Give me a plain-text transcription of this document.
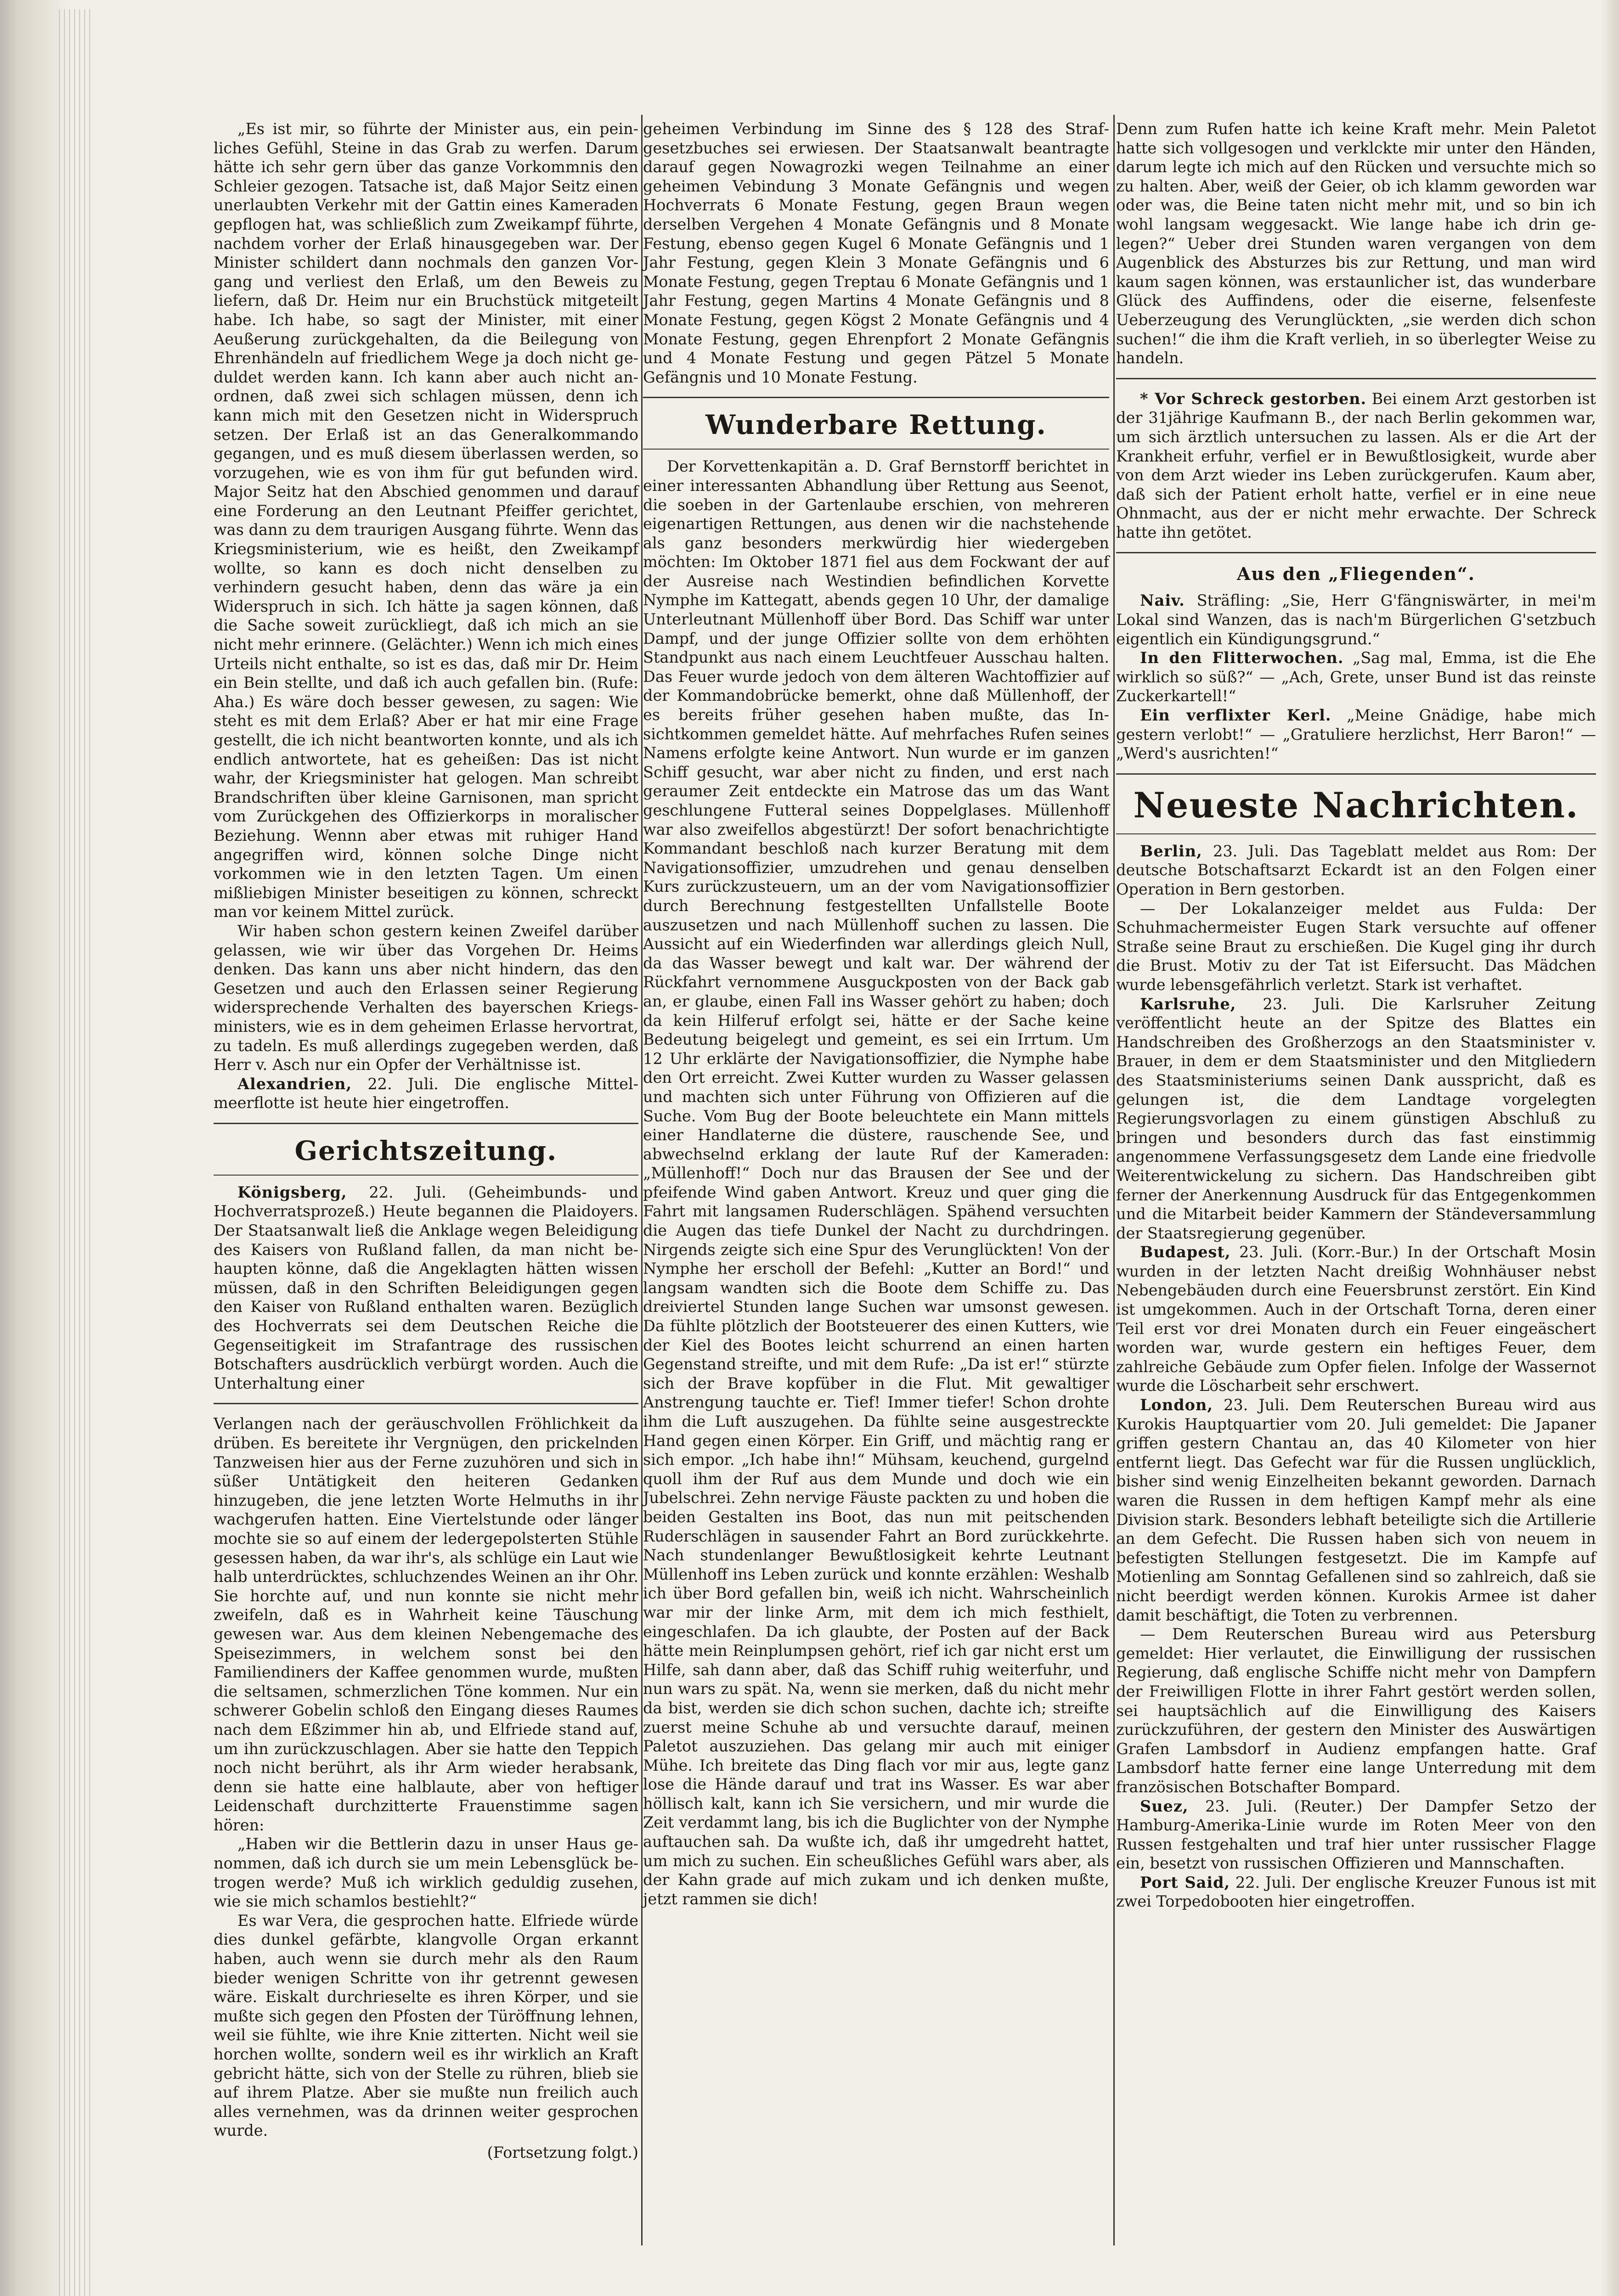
„Es ist mir, so führte der Minister aus, ein peinliches Gefühl, Steine in das Grab zu werfen. Darum hätte ich sehr gern über das ganze Vorkommnis den Schleier gezogen. Tatsache ist, daß Major Seitz einen unerlaubten Verkehr mit der Gattin eines Kameraden gepflogen hat, was schließlich zum Zweikampf führte, nachdem vorher der Erlaß hinausgegeben war. Der Minister schildert dann nochmals den ganzen Vorgang und verliest den Erlaß, um den Beweis zu liefern, daß Dr. Heim nur ein Bruchstück mitgeteilt habe. Ich habe, so sagt der Minister, mit einer Aeußerung zurückgehalten, da die Beilegung von Ehrenhändeln auf friedlichem Wege ja doch nicht geduldet werden kann. Ich kann aber auch nicht anordnen, daß zwei sich schlagen müssen, denn ich kann mich mit den Gesetzen nicht in Widerspruch setzen. Der Erlaß ist an das Generalkommando gegangen, und es muß diesem überlassen werden, so vorzugehen, wie es von ihm für gut befunden wird. Major Seitz hat den Abschied genommen und darauf eine Forderung an den Leutnant Pfeiffer gerichtet, was dann zu dem traurigen Ausgang führte. Wenn das Kriegsministerium, wie es heißt, den Zweikampf wollte, so kann es doch nicht denselben zu verhindern gesucht haben, denn das wäre ja ein Widerspruch in sich. Ich hätte ja sagen können, daß die Sache soweit zurückliegt, daß ich mich an sie nicht mehr erinnere. (Gelächter.) Wenn ich mich eines Urteils nicht enthalte, so ist es das, daß mir Dr. Heim ein Bein stellte, und daß ich auch gefallen bin. (Rufe: Aha.) Es wäre doch besser gewesen, zu sagen: Wie steht es mit dem Erlaß? Aber er hat mir eine Frage gestellt, die ich nicht beantworten konnte, und als ich endlich antwortete, hat es geheißen: Das ist nicht wahr, der Kriegsminister hat gelogen. Man schreibt Brandschriften über kleine Garnisonen, man spricht vom Zurückgehen des Offizierkorps in moralischer Beziehung. Wennn aber etwas mit ruhiger Hand angegriffen wird, können solche Dinge nicht vorkommen wie in den letzten Tagen. Um einen mißliebigen Minister beseitigen zu können, schreckt man vor keinem Mittel zurück.

Wir haben schon gestern keinen Zweifel darüber gelassen, wie wir über das Vorgehen Dr. Heims denken. Das kann uns aber nicht hindern, das den Gesetzen und auch den Erlassen seiner Regierung widersprechende Verhalten des bayerschen Kriegsministers, wie es in dem geheimen Erlasse hervortrat, zu tadeln. Es muß allerdings zugegeben werden, daß Herr v. Asch nur ein Opfer der Verhältnisse ist.

Alexandrien, 22. Juli. Die englische Mittelmeerflotte ist heute hier eingetroffen.

Gerichtszeitung.

Königsberg, 22. Juli. (Geheimbunds- und Hochverratsprozeß.) Heute begannen die Plaidoyers. Der Staatsanwalt ließ die Anklage wegen Beleidigung des Kaisers von Rußland fallen, da man nicht behaupten könne, daß die Angeklagten hätten wissen müssen, daß in den Schriften Beleidigungen gegen den Kaiser von Rußland enthalten waren. Bezüglich des Hochverrats sei dem Deutschen Reiche die Gegenseitigkeit im Strafantrage des russischen Botschafters ausdrücklich verbürgt worden. Auch die Unterhaltung einer

Verlangen nach der geräuschvollen Fröhlichkeit da drüben. Es bereitete ihr Vergnügen, den prickelnden Tanzweisen hier aus der Ferne zuzuhören und sich in süßer Untätigkeit den heiteren Gedanken hinzugeben, die jene letzten Worte Helmuths in ihr wachgerufen hatten. Eine Viertelstunde oder länger mochte sie so auf einem der ledergepolsterten Stühle gesessen haben, da war ihr's, als schlüge ein Laut wie halb unterdrücktes, schluchzendes Weinen an ihr Ohr. Sie horchte auf, und nun konnte sie nicht mehr zweifeln, daß es in Wahrheit keine Täuschung gewesen war. Aus dem kleinen Nebengemache des Speisezimmers, in welchem sonst bei den Familiendiners der Kaffee genommen wurde, mußten die seltsamen, schmerzlichen Töne kommen. Nur ein schwerer Gobelin schloß den Eingang dieses Raumes nach dem Eßzimmer hin ab, und Elfriede stand auf, um ihn zurückzuschlagen. Aber sie hatte den Teppich noch nicht berührt, als ihr Arm wieder herabsank, denn sie hatte eine halblaute, aber von heftiger Leidenschaft durchzitterte Frauenstimme sagen hören:

„Haben wir die Bettlerin dazu in unser Haus genommen, daß ich durch sie um mein Lebensglück betrogen werde? Muß ich wirklich geduldig zusehen, wie sie mich schamlos bestiehlt?“

Es war Vera, die gesprochen hatte. Elfriede würde dies dunkel gefärbte, klangvolle Organ erkannt haben, auch wenn sie durch mehr als den Raum bieder wenigen Schritte von ihr getrennt gewesen wäre. Eiskalt durchrieselte es ihren Körper, und sie mußte sich gegen den Pfosten der Türöffnung lehnen, weil sie fühlte, wie ihre Knie zitterten. Nicht weil sie horchen wollte, sondern weil es ihr wirklich an Kraft gebricht hätte, sich von der Stelle zu rühren, blieb sie auf ihrem Platze. Aber sie mußte nun freilich auch alles vernehmen, was da drinnen weiter gesprochen wurde.

(Fortsetzung folgt.)

geheimen Verbindung im Sinne des § 128 des Strafgesetzbuches sei erwiesen. Der Staatsanwalt beantragte darauf gegen Nowagrozki wegen Teilnahme an einer geheimen Vebindung 3 Monate Gefängnis und wegen Hochverrats 6 Monate Festung, gegen Braun wegen derselben Vergehen 4 Monate Gefängnis und 8 Monate Festung, ebenso gegen Kugel 6 Monate Gefängnis und 1 Jahr Festung, gegen Klein 3 Monate Gefängnis und 6 Monate Festung, gegen Treptau 6 Monate Gefängnis und 1 Jahr Festung, gegen Martins 4 Monate Gefängnis und 8 Monate Festung, gegen Kögst 2 Monate Gefängnis und 4 Monate Festung, gegen Ehrenpfort 2 Monate Gefängnis und 4 Monate Festung und gegen Pätzel 5 Monate Gefängnis und 10 Monate Festung.

Wunderbare Rettung.

Der Korvettenkapitän a. D. Graf Bernstorff berichtet in einer interessanten Abhandlung über Rettung aus Seenot, die soeben in der Gartenlaube erschien, von mehreren eigenartigen Rettungen, aus denen wir die nachstehende als ganz besonders merkwürdig hier wiedergeben möchten: Im Oktober 1871 fiel aus dem Fockwant der auf der Ausreise nach Westindien befindlichen Korvette Nymphe im Kattegatt, abends gegen 10 Uhr, der damalige Unterleutnant Müllenhoff über Bord. Das Schiff war unter Dampf, und der junge Offizier sollte von dem erhöhten Standpunkt aus nach einem Leuchtfeuer Ausschau halten. Das Feuer wurde jedoch von dem älteren Wachtoffizier auf der Kommandobrücke bemerkt, ohne daß Müllenhoff, der es bereits früher gesehen haben mußte, das Insichtkommen gemeldet hätte. Auf mehrfaches Rufen seines Namens erfolgte keine Antwort. Nun wurde er im ganzen Schiff gesucht, war aber nicht zu finden, und erst nach geraumer Zeit entdeckte ein Matrose das um das Want geschlungene Futteral seines Doppelglases. Müllenhoff war also zweifellos abgestürzt! Der sofort benachrichtigte Kommandant beschloß nach kurzer Beratung mit dem Navigationsoffizier, umzudrehen und genau denselben Kurs zurückzusteuern, um an der vom Navigationsoffizier durch Berechnung festgestellten Unfallstelle Boote auszusetzen und nach Müllenhoff suchen zu lassen. Die Aussicht auf ein Wiederfinden war allerdings gleich Null, da das Wasser bewegt und kalt war. Der während der Rückfahrt vernommene Ausguckposten von der Back gab an, er glaube, einen Fall ins Wasser gehört zu haben; doch da kein Hilferuf erfolgt sei, hätte er der Sache keine Bedeutung beigelegt und gemeint, es sei ein Irrtum. Um 12 Uhr erklärte der Navigationsoffizier, die Nymphe habe den Ort erreicht. Zwei Kutter wurden zu Wasser gelassen und machten sich unter Führung von Offizieren auf die Suche. Vom Bug der Boote beleuchtete ein Mann mittels einer Handlaterne die düstere, rauschende See, und abwechselnd erklang der laute Ruf der Kameraden: „Müllenhoff!“ Doch nur das Brausen der See und der pfeifende Wind gaben Antwort. Kreuz und quer ging die Fahrt mit langsamen Ruderschlägen. Spähend versuchten die Augen das tiefe Dunkel der Nacht zu durchdringen. Nirgends zeigte sich eine Spur des Verunglückten! Von der Nymphe her erscholl der Befehl: „Kutter an Bord!“ und langsam wandten sich die Boote dem Schiffe zu. Das dreiviertel Stunden lange Suchen war umsonst gewesen. Da fühlte plötzlich der Bootsteuerer des einen Kutters, wie der Kiel des Bootes leicht schurrend an einen harten Gegenstand streifte, und mit dem Rufe: „Da ist er!“ stürzte sich der Brave kopfüber in die Flut. Mit gewaltiger Anstrengung tauchte er. Tief! Immer tiefer! Schon drohte ihm die Luft auszugehen. Da fühlte seine ausgestreckte Hand gegen einen Körper. Ein Griff, und mächtig rang er sich empor. „Ich habe ihn!“ Mühsam, keuchend, gurgelnd quoll ihm der Ruf aus dem Munde und doch wie ein Jubelschrei. Zehn nervige Fäuste packten zu und hoben die beiden Gestalten ins Boot, das nun mit peitschenden Ruderschlägen in sausender Fahrt an Bord zurückkehrte. Nach stundenlanger Bewußtlosigkeit kehrte Leutnant Müllenhoff ins Leben zurück und konnte erzählen: Weshalb ich über Bord gefallen bin, weiß ich nicht. Wahrscheinlich war mir der linke Arm, mit dem ich mich festhielt, eingeschlafen. Da ich glaubte, der Posten auf der Back hätte mein Reinplumpsen gehört, rief ich gar nicht erst um Hilfe, sah dann aber, daß das Schiff ruhig weiterfuhr, und nun wars zu spät. Na, wenn sie merken, daß du nicht mehr da bist, werden sie dich schon suchen, dachte ich; streifte zuerst meine Schuhe ab und versuchte darauf, meinen Paletot auszuziehen. Das gelang mir auch mit einiger Mühe. Ich breitete das Ding flach vor mir aus, legte ganz lose die Hände darauf und trat ins Wasser. Es war aber höllisch kalt, kann ich Sie versichern, und mir wurde die Zeit verdammt lang, bis ich die Buglichter von der Nymphe auftauchen sah. Da wußte ich, daß ihr umgedreht hattet, um mich zu suchen. Ein scheußliches Gefühl wars aber, als der Kahn grade auf mich zukam und ich denken mußte, jetzt rammen sie dich!

Denn zum Rufen hatte ich keine Kraft mehr. Mein Paletot hatte sich vollgesogen und verklckte mir unter den Händen, darum legte ich mich auf den Rücken und versuchte mich so zu halten. Aber, weiß der Geier, ob ich klamm geworden war oder was, die Beine taten nicht mehr mit, und so bin ich wohl langsam weggesackt. Wie lange habe ich drin gelegen?“ Ueber drei Stunden waren vergangen von dem Augenblick des Absturzes bis zur Rettung, und man wird kaum sagen können, was erstaunlicher ist, das wunderbare Glück des Auffindens, oder die eiserne, felsenfeste Ueberzeugung des Verunglückten, „sie werden dich schon suchen!“ die ihm die Kraft verlieh, in so überlegter Weise zu handeln.

* Vor Schreck gestorben. Bei einem Arzt gestorben ist der 31jährige Kaufmann B., der nach Berlin gekommen war, um sich ärztlich untersuchen zu lassen. Als er die Art der Krankheit erfuhr, verfiel er in Bewußtlosigkeit, wurde aber von dem Arzt wieder ins Leben zurückgerufen. Kaum aber, daß sich der Patient erholt hatte, verfiel er in eine neue Ohnmacht, aus der er nicht mehr erwachte. Der Schreck hatte ihn getötet.

Aus den „Fliegenden“.

Naiv. Sträfling: „Sie, Herr G'fängniswärter, in mei'm Lokal sind Wanzen, das is nach'm Bürgerlichen G'setzbuch eigentlich ein Kündigungsgrund.“

In den Flitterwochen. „Sag mal, Emma, ist die Ehe wirklich so süß?“ — „Ach, Grete, unser Bund ist das reinste Zuckerkartell!“

Ein verflixter Kerl. „Meine Gnädige, habe mich gestern verlobt!“ — „Gratuliere herzlichst, Herr Baron!“ — „Werd's ausrichten!“

Neueste Nachrichten.

Berlin, 23. Juli. Das Tageblatt meldet aus Rom: Der deutsche Botschaftsarzt Eckardt ist an den Folgen einer Operation in Bern gestorben.

— Der Lokalanzeiger meldet aus Fulda: Der Schuhmachermeister Eugen Stark versuchte auf offener Straße seine Braut zu erschießen. Die Kugel ging ihr durch die Brust. Motiv zu der Tat ist Eifersucht. Das Mädchen wurde lebensgefährlich verletzt. Stark ist verhaftet.

Karlsruhe, 23. Juli. Die Karlsruher Zeitung veröffentlicht heute an der Spitze des Blattes ein Handschreiben des Großherzogs an den Staatsminister v. Brauer, in dem er dem Staatsminister und den Mitgliedern des Staatsministeriums seinen Dank ausspricht, daß es gelungen ist, die dem Landtage vorgelegten Regierungsvorlagen zu einem günstigen Abschluß zu bringen und besonders durch das fast einstimmig angenommene Verfassungsgesetz dem Lande eine friedvolle Weiterentwickelung zu sichern. Das Handschreiben gibt ferner der Anerkennung Ausdruck für das Entgegenkommen und die Mitarbeit beider Kammern der Ständeversammlung der Staatsregierung gegenüber.

Budapest, 23. Juli. (Korr.-Bur.) In der Ortschaft Mosin wurden in der letzten Nacht dreißig Wohnhäuser nebst Nebengebäuden durch eine Feuersbrunst zerstört. Ein Kind ist umgekommen. Auch in der Ortschaft Torna, deren einer Teil erst vor drei Monaten durch ein Feuer eingeäschert worden war, wurde gestern ein heftiges Feuer, dem zahlreiche Gebäude zum Opfer fielen. Infolge der Wassernot wurde die Löscharbeit sehr erschwert.

London, 23. Juli. Dem Reuterschen Bureau wird aus Kurokis Hauptquartier vom 20. Juli gemeldet: Die Japaner griffen gestern Chantau an, das 40 Kilometer von hier entfernt liegt. Das Gefecht war für die Russen unglücklich, bisher sind wenig Einzelheiten bekannt geworden. Darnach waren die Russen in dem heftigen Kampf mehr als eine Division stark. Besonders lebhaft beteiligte sich die Artillerie an dem Gefecht. Die Russen haben sich von neuem in befestigten Stellungen festgesetzt. Die im Kampfe auf Motienling am Sonntag Gefallenen sind so zahlreich, daß sie nicht beerdigt werden können. Kurokis Armee ist daher damit beschäftigt, die Toten zu verbrennen.

— Dem Reuterschen Bureau wird aus Petersburg gemeldet: Hier verlautet, die Einwilligung der russischen Regierung, daß englische Schiffe nicht mehr von Dampfern der Freiwilligen Flotte in ihrer Fahrt gestört werden sollen, sei hauptsächlich auf die Einwilligung des Kaisers zurückzuführen, der gestern den Minister des Auswärtigen Grafen Lambsdorf in Audienz empfangen hatte. Graf Lambsdorf hatte ferner eine lange Unterredung mit dem französischen Botschafter Bompard.

Suez, 23. Juli. (Reuter.) Der Dampfer Setzo der Hamburg-Amerika-Linie wurde im Roten Meer von den Russen festgehalten und traf hier unter russischer Flagge ein, besetzt von russischen Offizieren und Mannschaften.

Port Said, 22. Juli. Der englische Kreuzer Funous ist mit zwei Torpedobooten hier eingetroffen.
